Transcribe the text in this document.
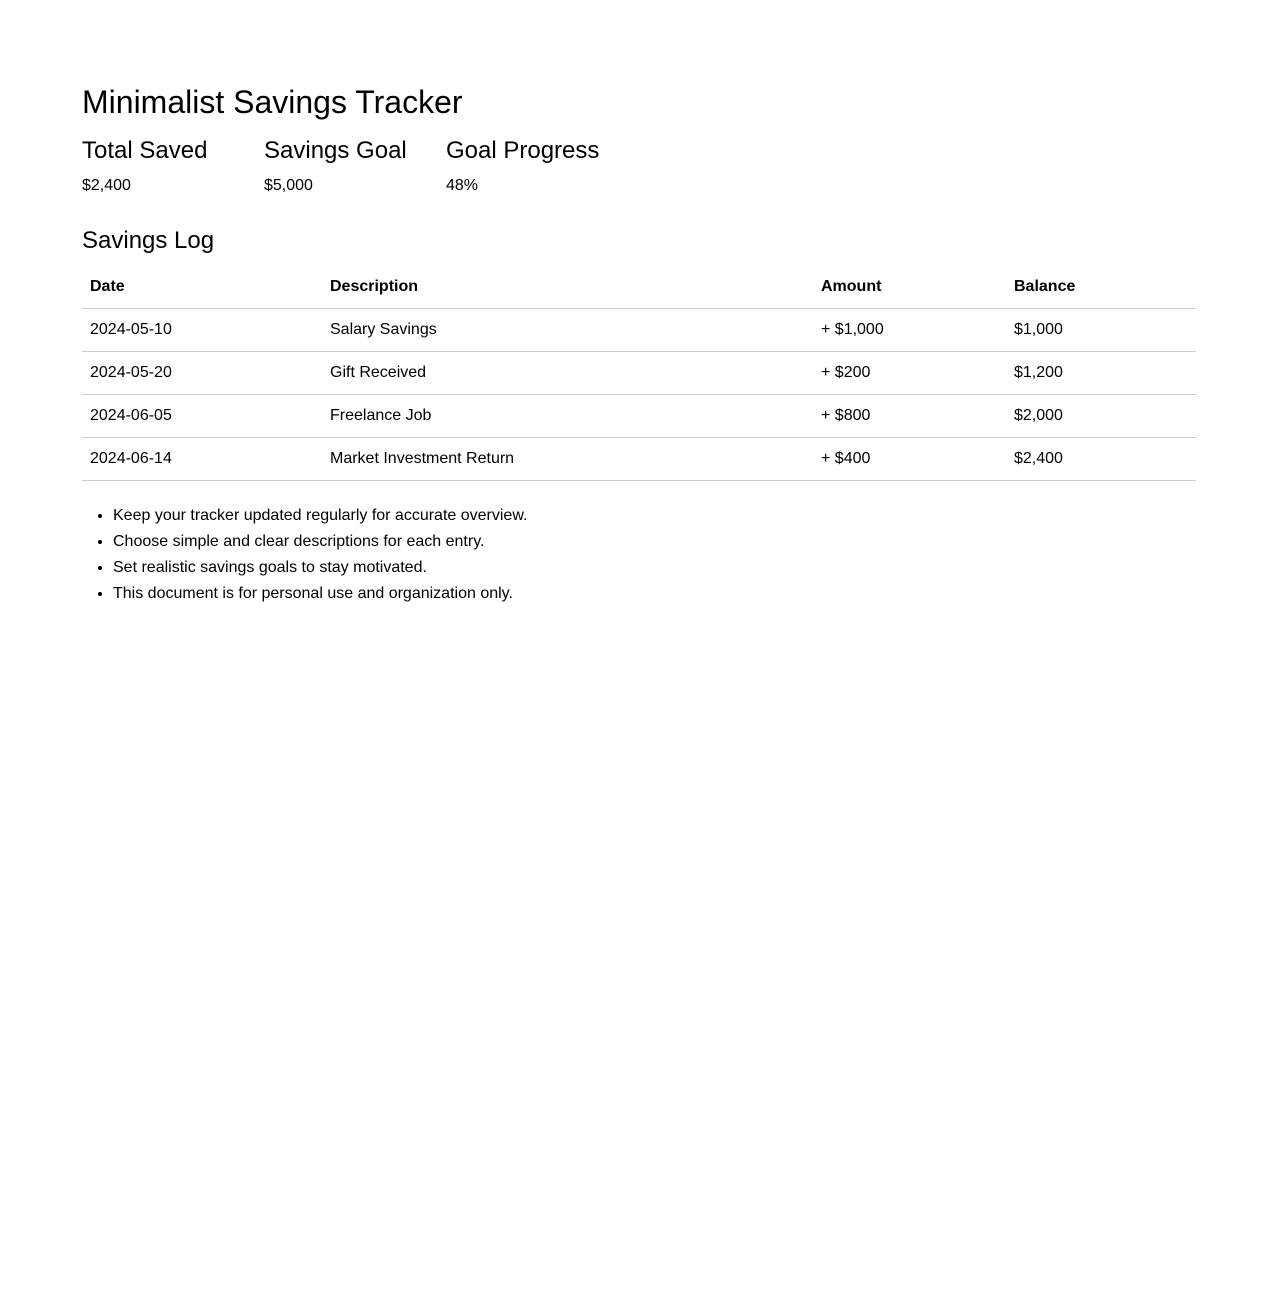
Minimalist Savings Tracker
Total Saved
$2,400
Savings Goal
$5,000
Goal Progress
48%
Savings Log
Date	Description	Amount	Balance
2024-05-10	Salary Savings	+ $1,000	$1,000
2024-05-20	Gift Received	+ $200	$1,200
2024-06-05	Freelance Job	+ $800	$2,000
2024-06-14	Market Investment Return	+ $400	$2,400
• Keep your tracker updated regularly for accurate overview.
• Choose simple and clear descriptions for each entry.
• Set realistic savings goals to stay motivated.
• This document is for personal use and organization only.
